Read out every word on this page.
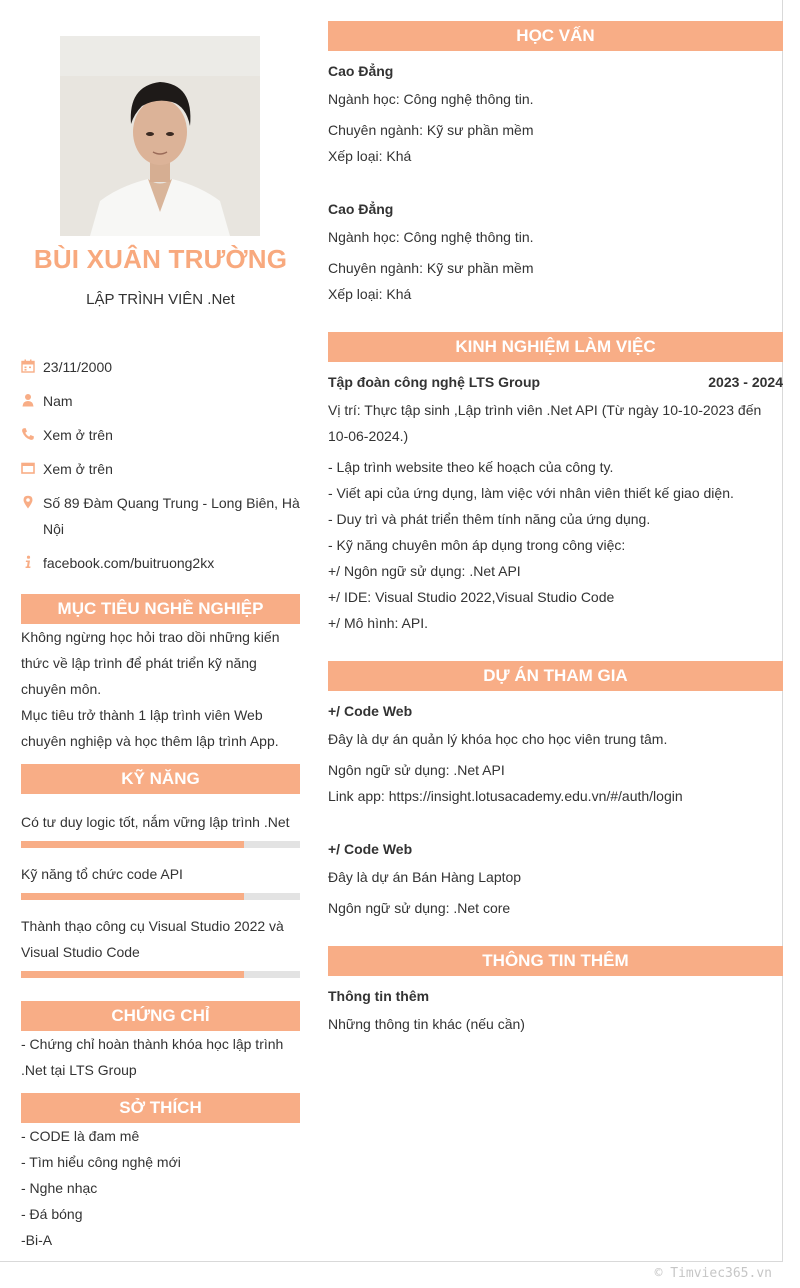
BÙI XUÂN TRƯỜNG
LẬP TRÌNH VIÊN .Net
23/11/2000
Nam
Xem ở trên
Xem ở trên
Số 89 Đàm Quang Trung - Long Biên, Hà Nội
facebook.com/buitruong2kx
MỤC TIÊU NGHỀ NGHIỆP
Không ngừng học hỏi trao dồi những kiến thức về lập trình để phát triển kỹ năng chuyên môn.
Mục tiêu trở thành 1 lập trình viên Web chuyên nghiệp và học thêm lập trình App.
KỸ NĂNG
Có tư duy logic tốt, nắm vững lập trình .Net
Kỹ năng tổ chức code API
Thành thạo công cụ Visual Studio 2022 và Visual Studio Code
CHỨNG CHỈ
- Chứng chỉ hoàn thành khóa học lập trình .Net tại LTS Group
SỞ THÍCH
- CODE là đam mê
- Tìm hiểu công nghệ mới
- Nghe nhạc
- Đá bóng
-Bi-A
HỌC VẤN
Cao Đẳng
Ngành học: Công nghệ thông tin.
Chuyên ngành: Kỹ sư phần mềm
Xếp loại: Khá
Cao Đẳng
Ngành học: Công nghệ thông tin.
Chuyên ngành: Kỹ sư phần mềm
Xếp loại: Khá
KINH NGHIỆM LÀM VIỆC
Tập đoàn công nghệ LTS Group	2023 - 2024
Vị trí: Thực tập sinh ,Lập trình viên .Net API (Từ ngày 10-10-2023 đến 10-06-2024.)
- Lập trình website theo kế hoạch của công ty.
- Viết api của ứng dụng, làm việc với nhân viên thiết kế giao diện.
- Duy trì và phát triển thêm tính năng của ứng dụng.
- Kỹ năng chuyên môn áp dụng trong công việc:
+/ Ngôn ngữ sử dụng: .Net API
+/ IDE: Visual Studio 2022,Visual Studio Code
+/ Mô hình: API.
DỰ ÁN THAM GIA
+/ Code Web
Đây là dự án quản lý khóa học cho học viên trung tâm.
Ngôn ngữ sử dụng: .Net API
Link app: https://insight.lotusacademy.edu.vn/#/auth/login
+/ Code Web
Đây là dự án Bán Hàng Laptop
Ngôn ngữ sử dụng: .Net core
THÔNG TIN THÊM
Thông tin thêm
Những thông tin khác (nếu cần)
© Timviec365.vn
